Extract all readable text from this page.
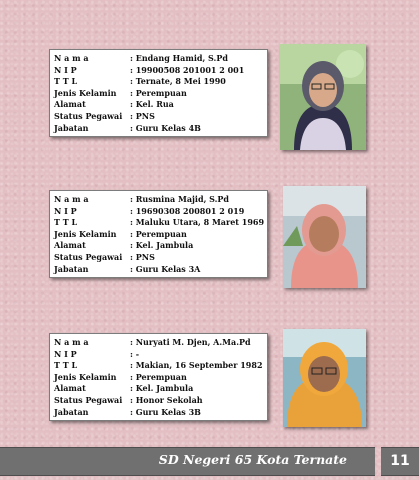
N a m a	: Endang Hamid, S.Pd
N I P	: 19900508 201001 2 001
T T L	: Ternate, 8 Mei 1990
Jenis Kelamin	: Perempuan
Alamat	: Kel. Rua
Status Pegawai : PNS
Jabatan	: Guru Kelas 4B
N a m a	: Rusmina Majid, S.Pd
N I P	: 19690308 200801 2 019
T T L	: Maluku Utara, 8 Maret 1969
Jenis Kelamin	: Perempuan
Alamat	: Kel. Jambula
Status Pegawai : PNS
Jabatan	: Guru Kelas 3A
N a m a	: Nuryati M. Djen, A.Ma.Pd
N I P	: -
T T L	: Makian, 16 September 1982
Jenis Kelamin	: Perempuan
Alamat	: Kel. Jambula
Status Pegawai : Honor Sekolah
Jabatan	: Guru Kelas 3B
SD Negeri 65 Kota Ternate	11
